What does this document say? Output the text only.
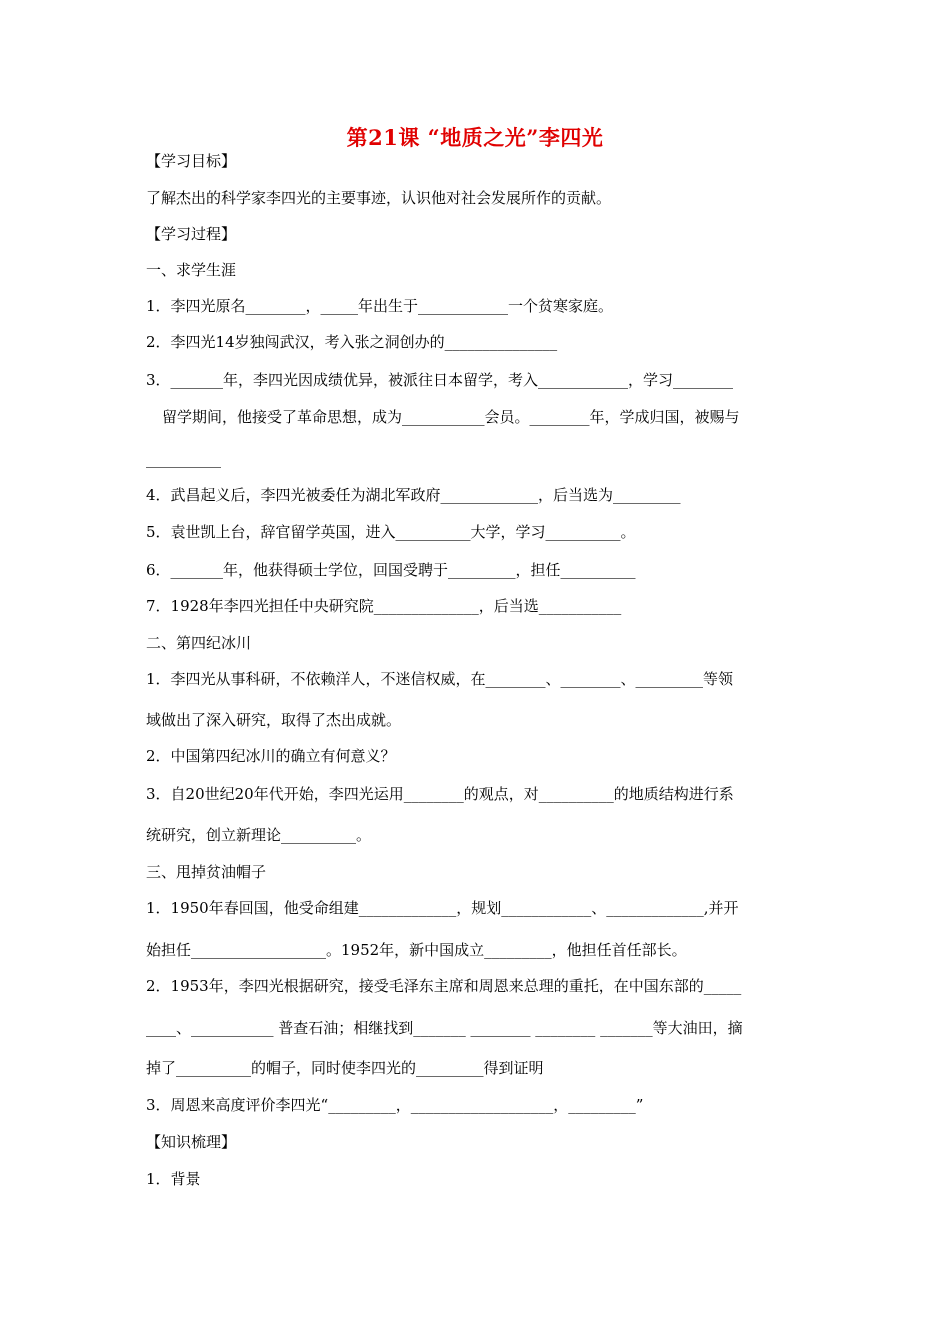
第21课 “地质之光”李四光
【学习目标】
了解杰出的科学家李四光的主要事迹，认识他对社会发展所作的贡献。
【学习过程】
一、求学生涯
1．李四光原名________，_____年出生于____________一个贫寒家庭。
2．李四光14岁独闯武汉，考入张之洞创办的_______________
3．_______年，李四光因成绩优异，被派往日本留学，考入____________，学习________
留学期间，他接受了革命思想，成为___________会员。________年，学成归国，被赐与
__________
4．武昌起义后，李四光被委任为湖北军政府_____________，后当选为_________
5．袁世凯上台，辞官留学英国，进入__________大学，学习__________。
6．_______年，他获得硕士学位，回国受聘于_________，担任__________
7．1928年李四光担任中央研究院______________，后当选___________
二、第四纪冰川
1．李四光从事科研，不依赖洋人，不迷信权威，在________、________、_________等领
域做出了深入研究，取得了杰出成就。
2．中国第四纪冰川的确立有何意义？
3．自20世纪20年代开始，李四光运用________的观点，对__________的地质结构进行系
统研究，创立新理论__________。
三、甩掉贫油帽子
1．1950年春回国，他受命组建_____________，规划____________、_____________,并开
始担任__________________。1952年，新中国成立_________，他担任首任部长。
2．1953年，李四光根据研究，接受毛泽东主席和周恩来总理的重托，在中国东部的_____
____、___________ 普查石油；相继找到_______ ________ ________ _______等大油田，摘
掉了__________的帽子，同时使李四光的_________得到证明
3．周恩来高度评价李四光“_________，___________________，_________”
【知识梳理】
1．背景
